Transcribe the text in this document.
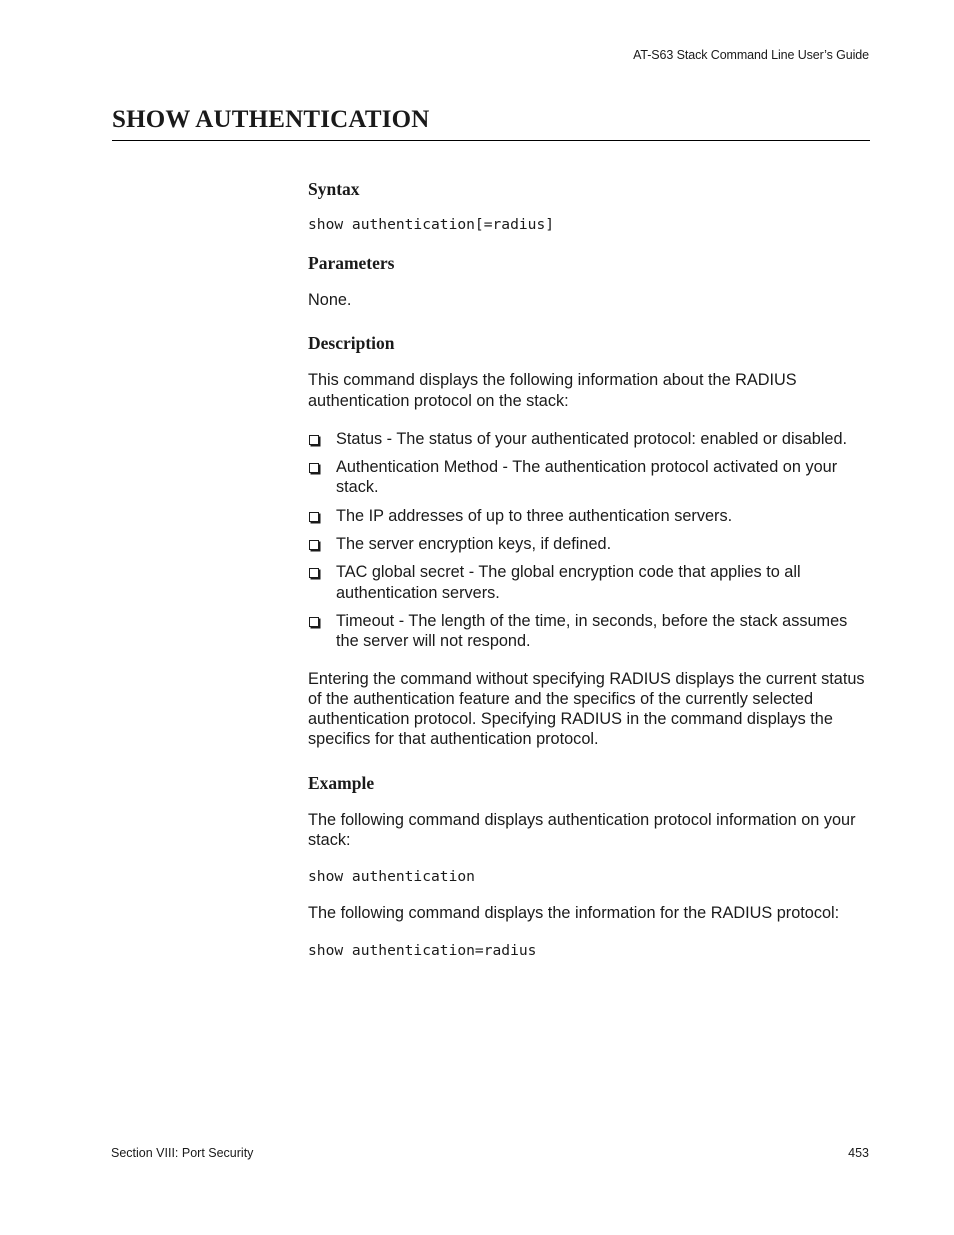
AT-S63 Stack Command Line User’s Guide
SHOW AUTHENTICATION
Syntax
show authentication[=radius]
Parameters

None.

Description

This command displays the following information about the RADIUS authentication protocol on the stack:

Status - The status of your authenticated protocol: enabled or disabled.
Authentication Method - The authentication protocol activated on your stack.
The IP addresses of up to three authentication servers.
The server encryption keys, if defined.
TAC global secret - The global encryption code that applies to all authentication servers.
Timeout - The length of the time, in seconds, before the stack assumes the server will not respond.

Entering the command without specifying RADIUS displays the current status of the authentication feature and the specifics of the currently selected authentication protocol. Specifying RADIUS in the command displays the specifics for that authentication protocol.

Example

The following command displays authentication protocol information on your stack:

show authentication

The following command displays the information for the RADIUS protocol:

show authentication=radius
Section VIII: Port Security	453
